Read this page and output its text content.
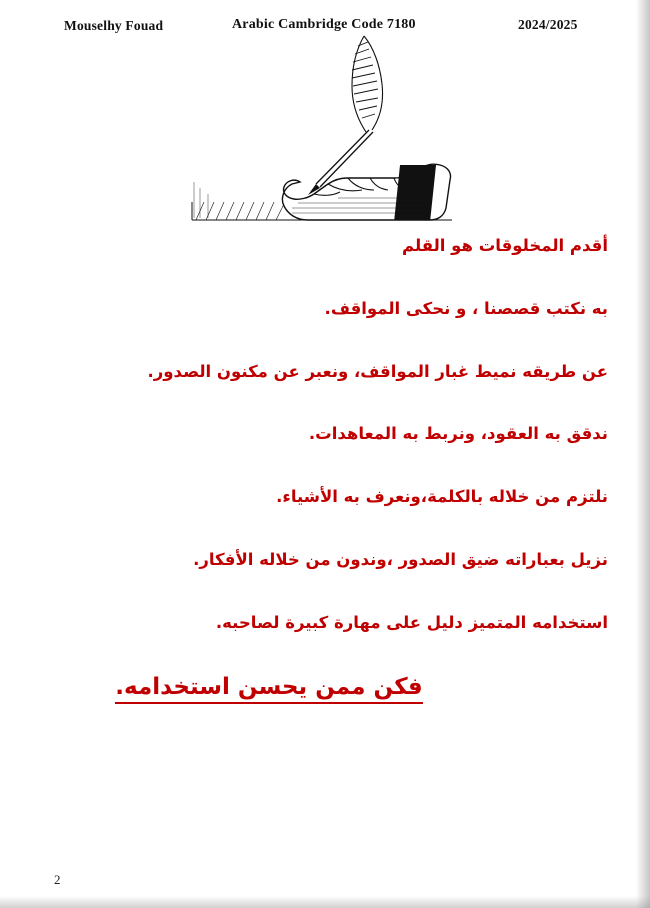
Mouselhy Fouad	Arabic Cambridge Code 7180	2024/2025

أقدم المخلوقات هو القلم

به نكتب قصصنا ، و نحكى المواقف.

عن طريقه نميط غبار المواقف، ونعبر عن مكنون الصدور.

ندقق به العقود، ونربط به المعاهدات.

نلتزم من خلاله بالكلمة،ونعرف به الأشياء.

نزيل بعباراته ضيق الصدور ،وندون من خلاله الأفكار.

استخدامه المتميز دليل على مهارة كبيرة لصاحبه.

فكن ممن يحسن استخدامه.
2
